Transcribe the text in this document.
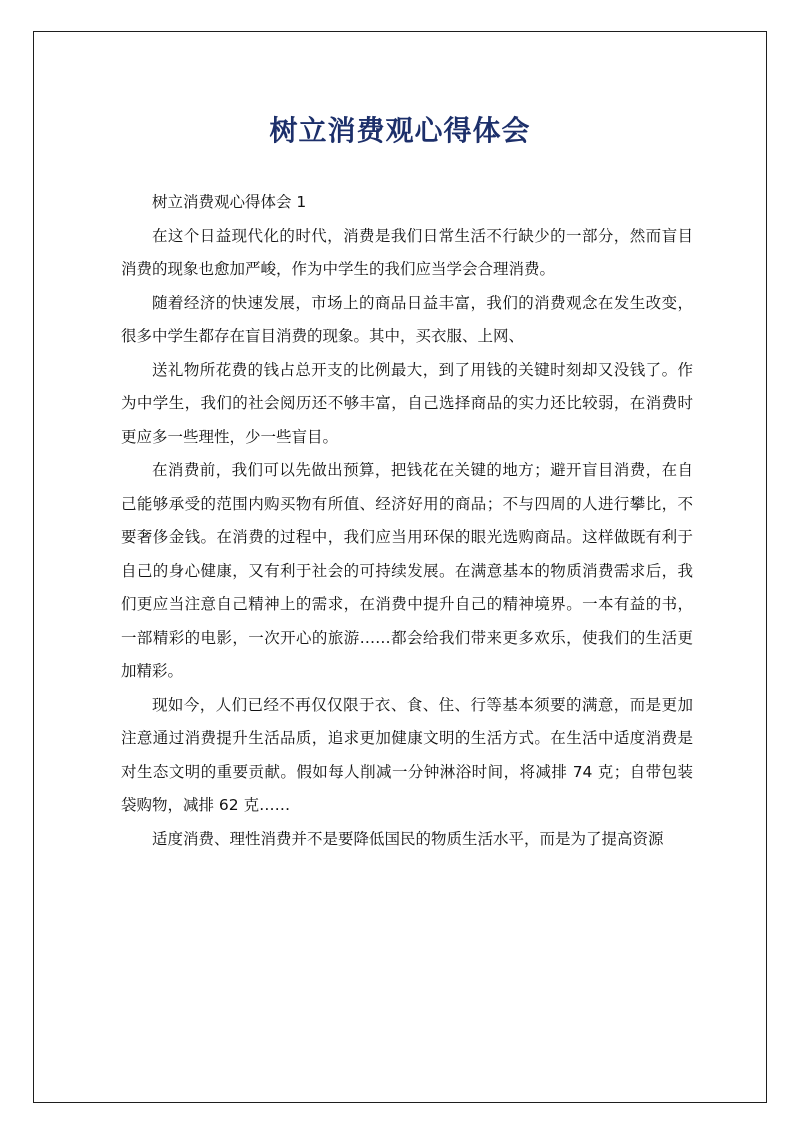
树立消费观心得体会

树立消费观心得体会 1

在这个日益现代化的时代，消费是我们日常生活不行缺少的一部分，然而盲目消费的现象也愈加严峻，作为中学生的我们应当学会合理消费。

随着经济的快速发展，市场上的商品日益丰富，我们的消费观念在发生改变，很多中学生都存在盲目消费的现象。其中，买衣服、上网、

送礼物所花费的钱占总开支的比例最大，到了用钱的关键时刻却又没钱了。作为中学生，我们的社会阅历还不够丰富，自己选择商品的实力还比较弱，在消费时更应多一些理性，少一些盲目。

在消费前，我们可以先做出预算，把钱花在关键的地方；避开盲目消费，在自己能够承受的范围内购买物有所值、经济好用的商品；不与四周的人进行攀比，不要奢侈金钱。在消费的过程中，我们应当用环保的眼光选购商品。这样做既有利于自己的身心健康，又有利于社会的可持续发展。在满意基本的物质消费需求后，我们更应当注意自己精神上的需求，在消费中提升自己的精神境界。一本有益的书，一部精彩的电影，一次开心的旅游……都会给我们带来更多欢乐，使我们的生活更加精彩。

现如今，人们已经不再仅仅限于衣、食、住、行等基本须要的满意，而是更加注意通过消费提升生活品质，追求更加健康文明的生活方式。在生活中适度消费是对生态文明的重要贡献。假如每人削减一分钟淋浴时间，将减排 74 克；自带包装袋购物，减排 62 克……

适度消费、理性消费并不是要降低国民的物质生活水平，而是为了提高资源
